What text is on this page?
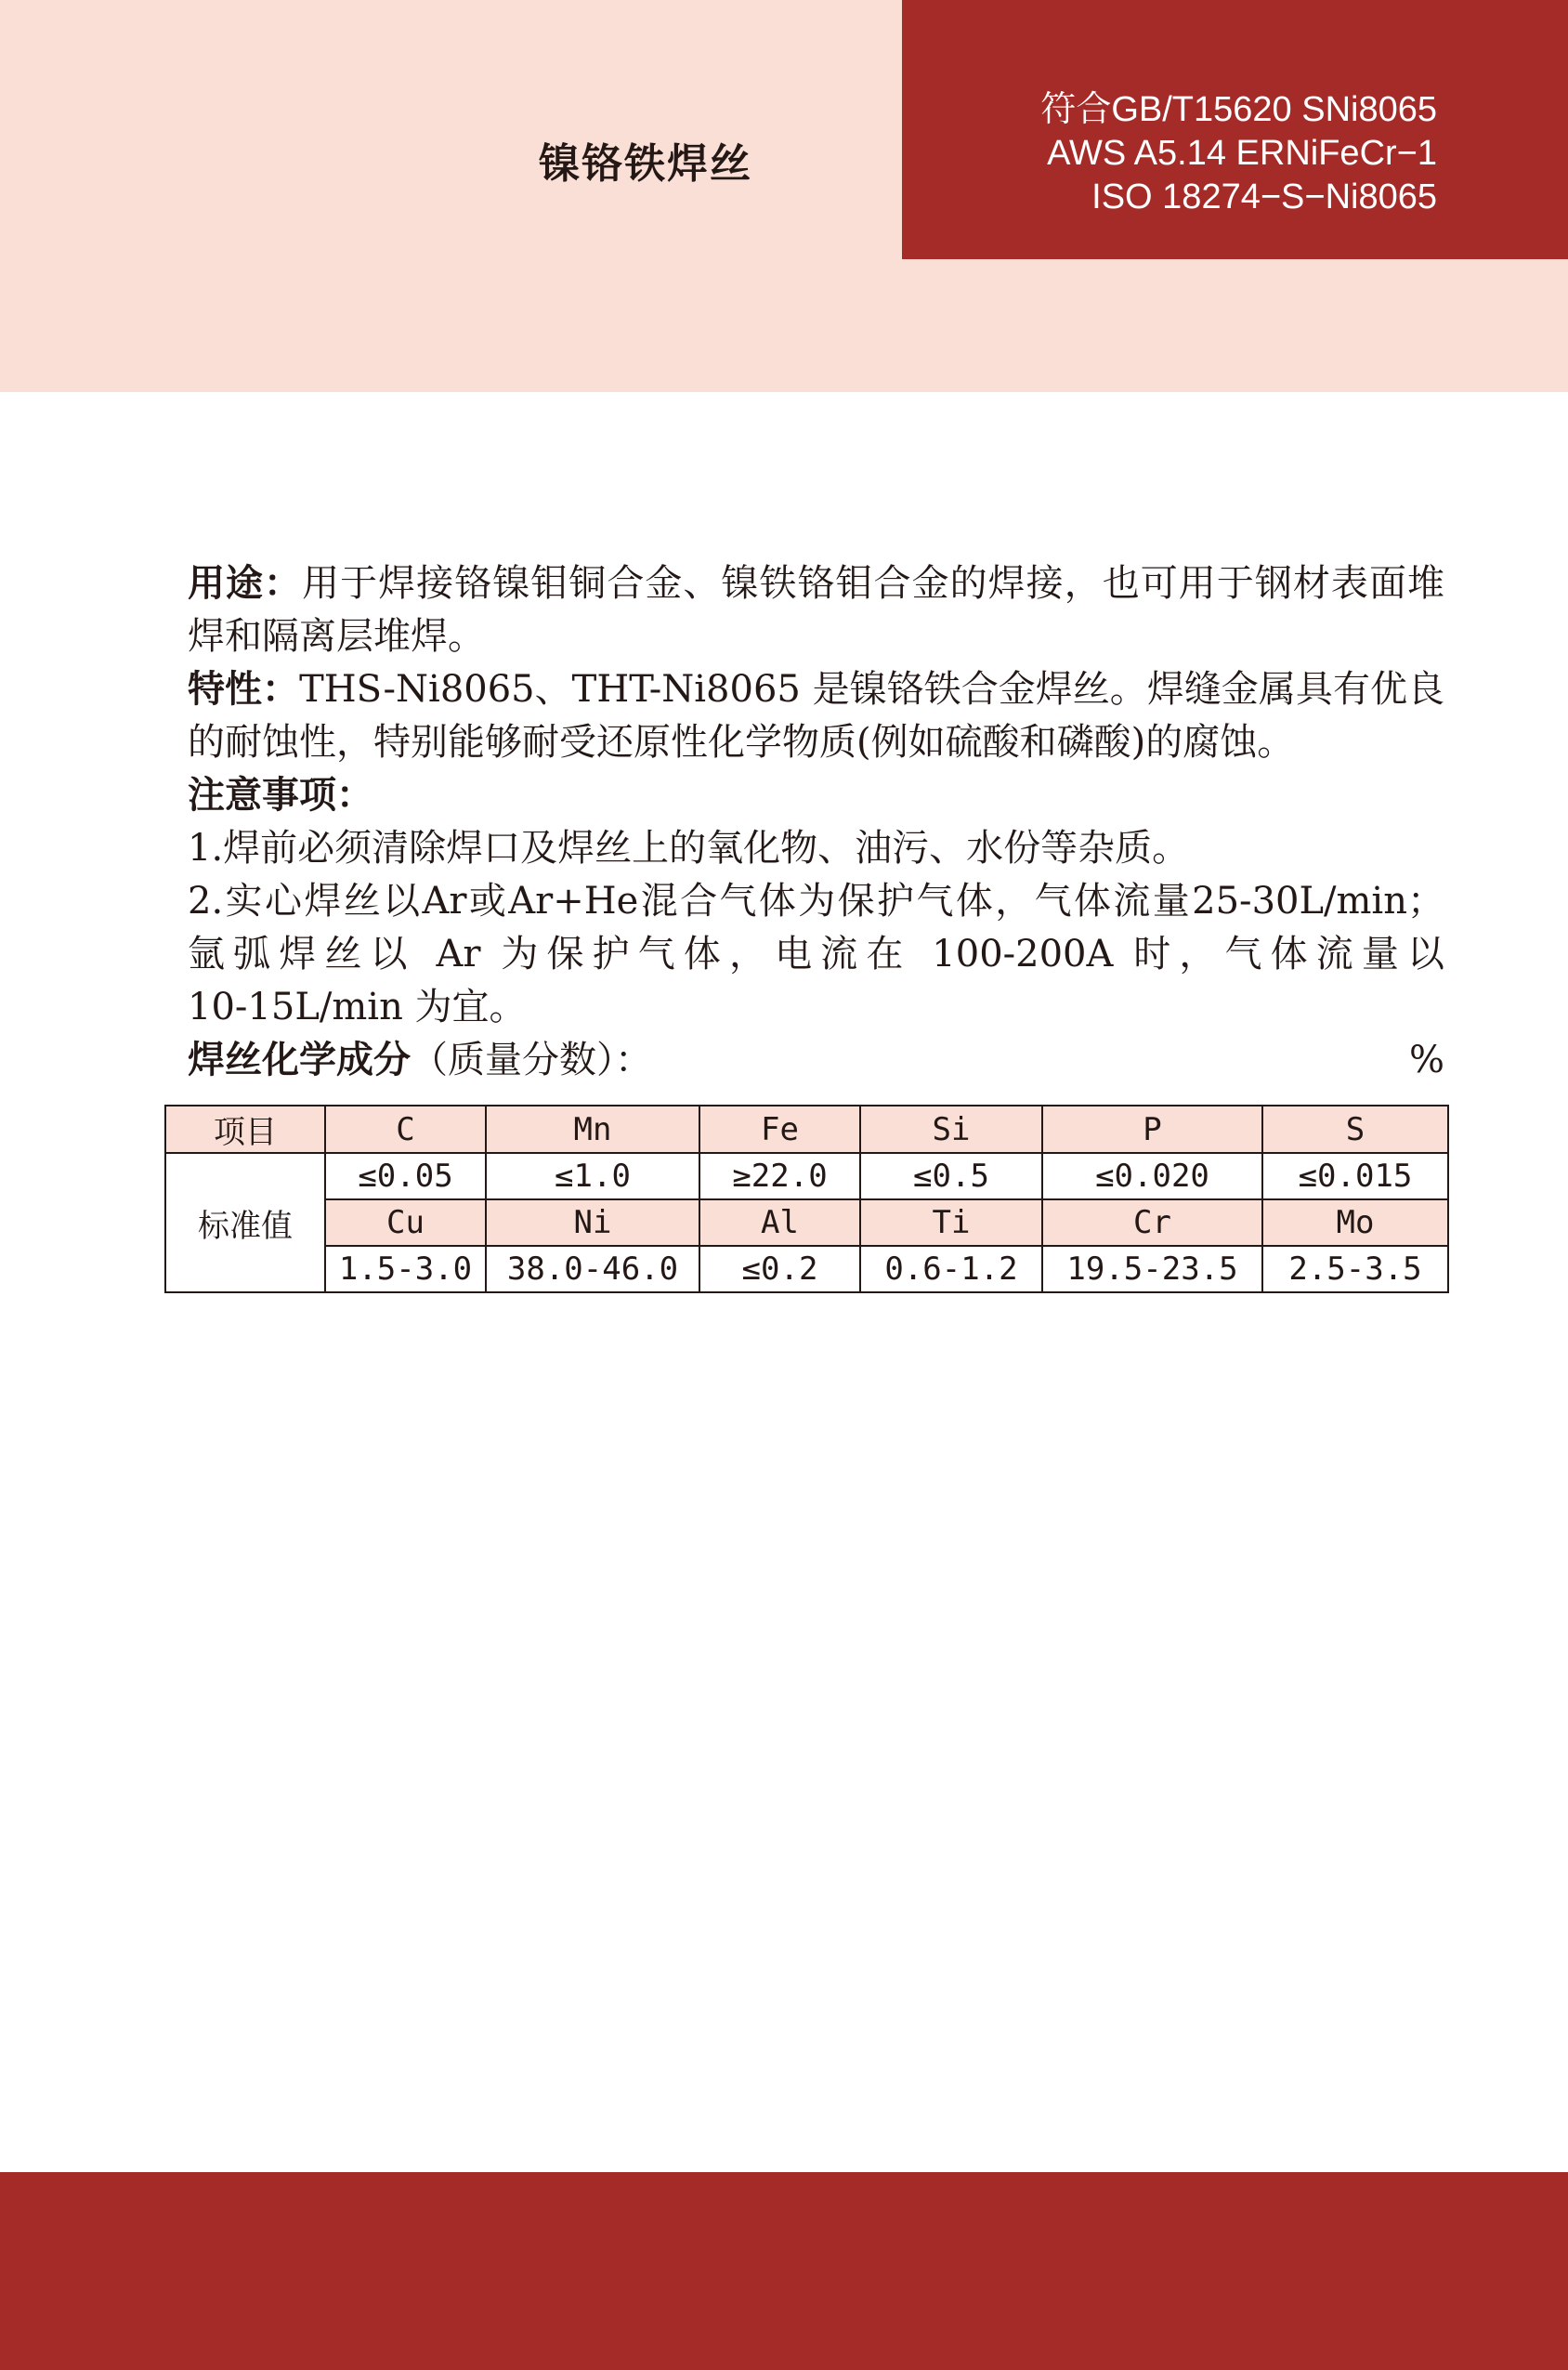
镍铬铁焊丝
符合GB/T15620 SNi8065
AWS A5.14 ERNiFeCr−1
ISO 18274−S−Ni8065

用途：用于焊接铬镍钼铜合金、镍铁铬钼合金的焊接，也可用于钢材表面堆焊和隔离层堆焊。

特性：THS-Ni8065、THT-Ni8065 是镍铬铁合金焊丝。焊缝金属具有优良的耐蚀性，特别能够耐受还原性化学物质(例如硫酸和磷酸)的腐蚀。

注意事项：

1.焊前必须清除焊口及焊丝上的氧化物、油污、水份等杂质。

2.实心焊丝以Ar或Ar+He混合气体为保护气体，气体流量25-30L/min；
氩弧焊丝以 Ar 为保护气体，电流在 100-200A 时，气体流量以
10-15L/min 为宜。

焊丝化学成分（质量分数）：	%
项目	C	Mn	Fe	Si	P	S
标准值	≤0.05	≤1.0	≥22.0	≤0.5	≤0.020	≤0.015
	Cu	Ni	Al	Ti	Cr	Mo
	1.5-3.0	38.0-46.0	≤0.2	0.6-1.2	19.5-23.5	2.5-3.5
